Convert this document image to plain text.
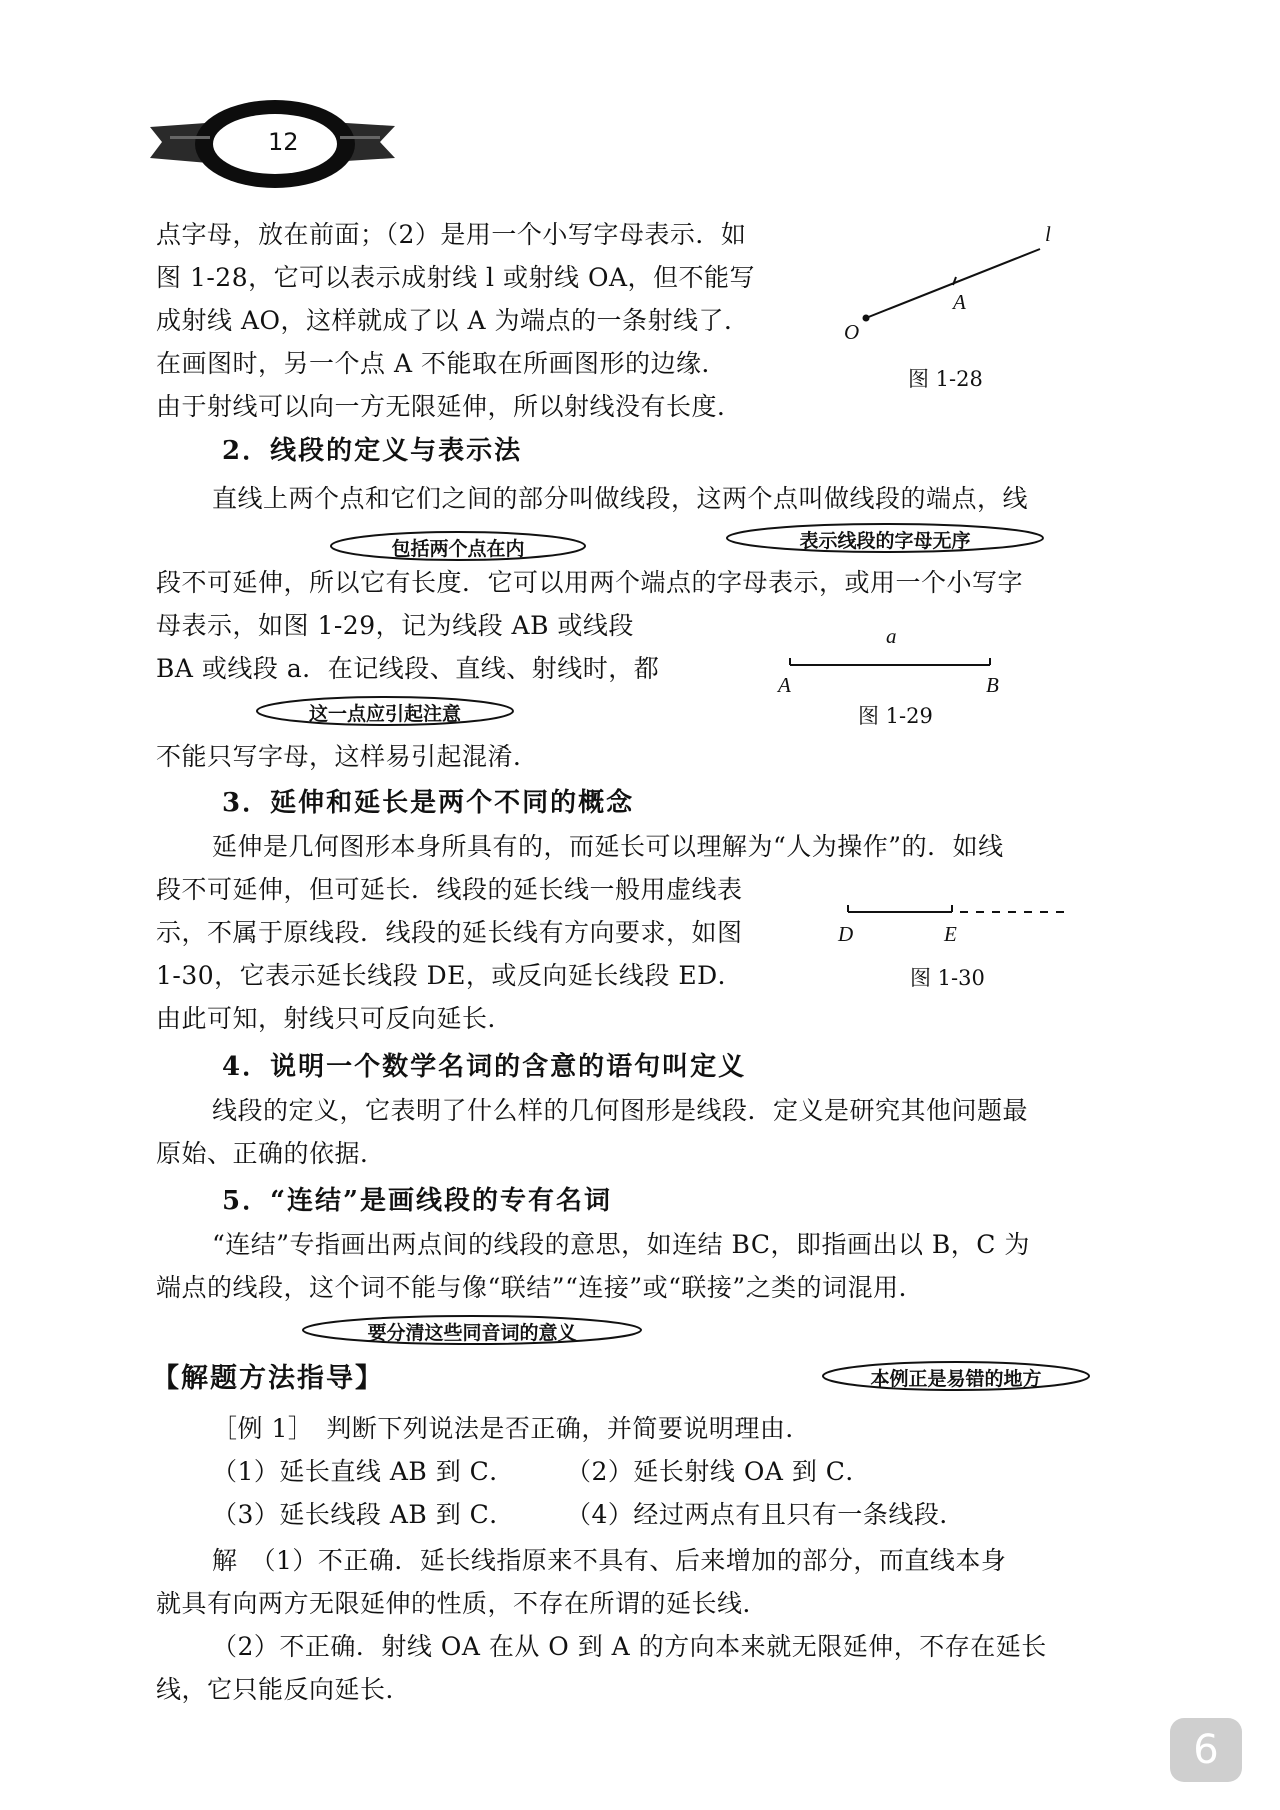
12
点字母，放在前面；（2）是用一个小写字母表示．如
图 1-28，它可以表示成射线 l 或射线 OA，但不能写
成射线 AO，这样就成了以 A 为端点的一条射线了．
在画图时，另一个点 A 不能取在所画图形的边缘．
由于射线可以向一方无限延伸，所以射线没有长度．
O
A
l
图 1-28
2．线段的定义与表示法
直线上两个点和它们之间的部分叫做线段，这两个点叫做线段的端点，线
包括两个点在内	表示线段的字母无序
段不可延伸，所以它有长度．它可以用两个端点的字母表示，或用一个小写字
母表示，如图 1-29，记为线段 AB 或线段
BA 或线段 a．在记线段、直线、射线时，都
这一点应引起注意
不能只写字母，这样易引起混淆．
a
A	B
图 1-29
3．延伸和延长是两个不同的概念
延伸是几何图形本身所具有的，而延长可以理解为“人为操作”的．如线
段不可延伸，但可延长．线段的延长线一般用虚线表
示，不属于原线段．线段的延长线有方向要求，如图
1-30，它表示延长线段 DE，或反向延长线段 ED．
由此可知，射线只可反向延长．
D	E
图 1-30
4．说明一个数学名词的含意的语句叫定义
线段的定义，它表明了什么样的几何图形是线段．定义是研究其他问题最
原始、正确的依据．
5．“连结”是画线段的专有名词
“连结”专指画出两点间的线段的意思，如连结 BC，即指画出以 B，C 为
端点的线段，这个词不能与像“联结”“连接”或“联接”之类的词混用．
要分清这些同音词的意义
【解题方法指导】	本例正是易错的地方
［例 1］　判断下列说法是否正确，并简要说明理由．
（1）延长直线 AB 到 C． （2）延长射线 OA 到 C．
（3）延长线段 AB 到 C． （4）经过两点有且只有一条线段．
解　（1）不正确．延长线指原来不具有、后来增加的部分，而直线本身
就具有向两方无限延伸的性质，不存在所谓的延长线．
（2）不正确．射线 OA 在从 O 到 A 的方向本来就无限延伸，不存在延长
线，它只能反向延长．
6
